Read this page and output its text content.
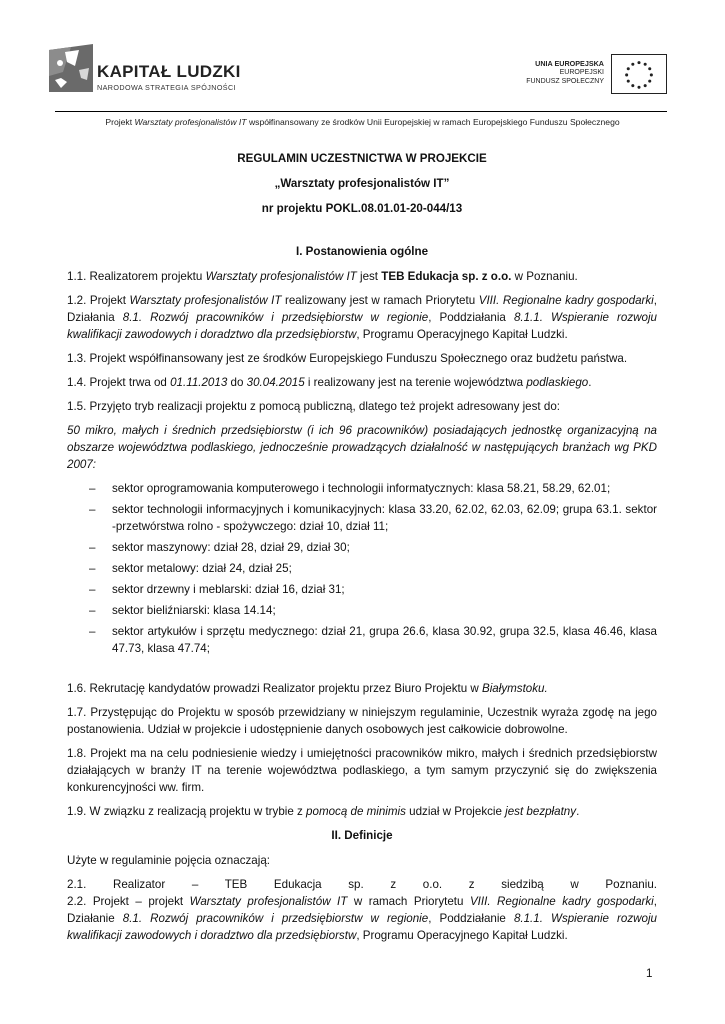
KAPITAŁ LUDZKI
NARODOWA STRATEGIA SPÓJNOŚCI
UNIA EUROPEJSKA
EUROPEJSKI
FUNDUSZ SPOŁECZNY
Projekt Warsztaty profesjonalistów IT współfinansowany ze środków Unii Europejskiej w ramach Europejskiego Funduszu Społecznego
REGULAMIN UCZESTNICTWA W PROJEKCIE
„Warsztaty profesjonalistów IT”
nr projektu POKL.08.01.01-20-044/13
I. Postanowienia ogólne

1.1. Realizatorem projektu Warsztaty profesjonalistów IT jest TEB Edukacja sp. z o.o. w Poznaniu.

1.2. Projekt Warsztaty profesjonalistów IT realizowany jest w ramach Priorytetu VIII. Regionalne kadry gospodarki, Działania 8.1. Rozwój pracowników i przedsiębiorstw w regionie, Poddziałania 8.1.1. Wspieranie rozwoju kwalifikacji zawodowych i doradztwo dla przedsiębiorstw, Programu Operacyjnego Kapitał Ludzki.

1.3. Projekt współfinansowany jest ze środków Europejskiego Funduszu Społecznego oraz budżetu państwa.

1.4. Projekt trwa od 01.11.2013 do 30.04.2015 i realizowany jest na terenie województwa podlaskiego.

1.5. Przyjęto tryb realizacji projektu z pomocą publiczną, dlatego też projekt adresowany jest do:

50 mikro, małych i średnich przedsiębiorstw (i ich 96 pracowników) posiadających jednostkę organizacyjną na obszarze województwa podlaskiego, jednocześnie prowadzących działalność w następujących branżach wg PKD 2007:

– sektor oprogramowania komputerowego i technologii informatycznych: klasa 58.21, 58.29, 62.01;
– sektor technologii informacyjnych i komunikacyjnych: klasa 33.20, 62.02, 62.03, 62.09; grupa 63.1. sektor -przetwórstwa rolno - spożywczego: dział 10, dział 11;
– sektor maszynowy: dział 28, dział 29, dział 30;
– sektor metalowy: dział 24, dział 25;
– sektor drzewny i meblarski: dział 16, dział 31;
– sektor bieliźniarski: klasa 14.14;
– sektor artykułów i sprzętu medycznego: dział 21, grupa 26.6, klasa 30.92, grupa 32.5, klasa 46.46, klasa 47.73, klasa 47.74;

1.6. Rekrutację kandydatów prowadzi Realizator projektu przez Biuro Projektu w Białymstoku.

1.7. Przystępując do Projektu w sposób przewidziany w niniejszym regulaminie, Uczestnik wyraża zgodę na jego postanowienia. Udział w projekcie i udostępnienie danych osobowych jest całkowicie dobrowolne.

1.8. Projekt ma na celu podniesienie wiedzy i umiejętności pracowników mikro, małych i średnich przedsiębiorstw działających w branży IT na terenie województwa podlaskiego, a tym samym przyczynić się do zwiększenia konkurencyjności ww. firm.

1.9. W związku z realizacją projektu w trybie z pomocą de minimis udział w Projekcie jest bezpłatny.

II. Definicje

Użyte w regulaminie pojęcia oznaczają:

2.1. Realizator – TEB Edukacja sp. z o.o. z siedzibą w Poznaniu.

2.2. Projekt – projekt Warsztaty profesjonalistów IT w ramach Priorytetu VIII. Regionalne kadry gospodarki, Działanie 8.1. Rozwój pracowników i przedsiębiorstw w regionie, Poddziałanie 8.1.1. Wspieranie rozwoju kwalifikacji zawodowych i doradztwo dla przedsiębiorstw, Programu Operacyjnego Kapitał Ludzki.

1
